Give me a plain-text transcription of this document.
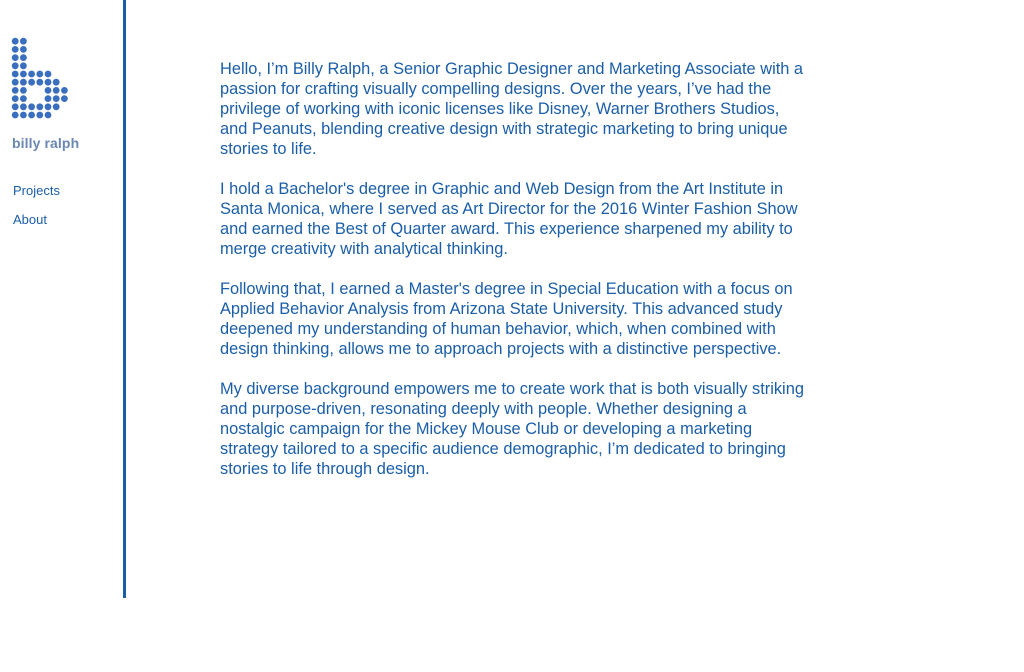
billy ralph
Projects
About

Hello, I’m Billy Ralph, a Senior Graphic Designer and Marketing Associate with a passion for crafting visually compelling designs. Over the years, I’ve had the privilege of working with iconic licenses like Disney, Warner Brothers Studios, and Peanuts, blending creative design with strategic marketing to bring unique stories to life.

I hold a Bachelor's degree in Graphic and Web Design from the Art Institute in Santa Monica, where I served as Art Director for the 2016 Winter Fashion Show and earned the Best of Quarter award. This experience sharpened my ability to merge creativity with analytical thinking.

Following that, I earned a Master's degree in Special Education with a focus on Applied Behavior Analysis from Arizona State University. This advanced study deepened my understanding of human behavior, which, when combined with design thinking, allows me to approach projects with a distinctive perspective.

My diverse background empowers me to create work that is both visually striking and purpose-driven, resonating deeply with people. Whether designing a nostalgic campaign for the Mickey Mouse Club or developing a marketing strategy tailored to a specific audience demographic, I’m dedicated to bringing stories to life through design.
